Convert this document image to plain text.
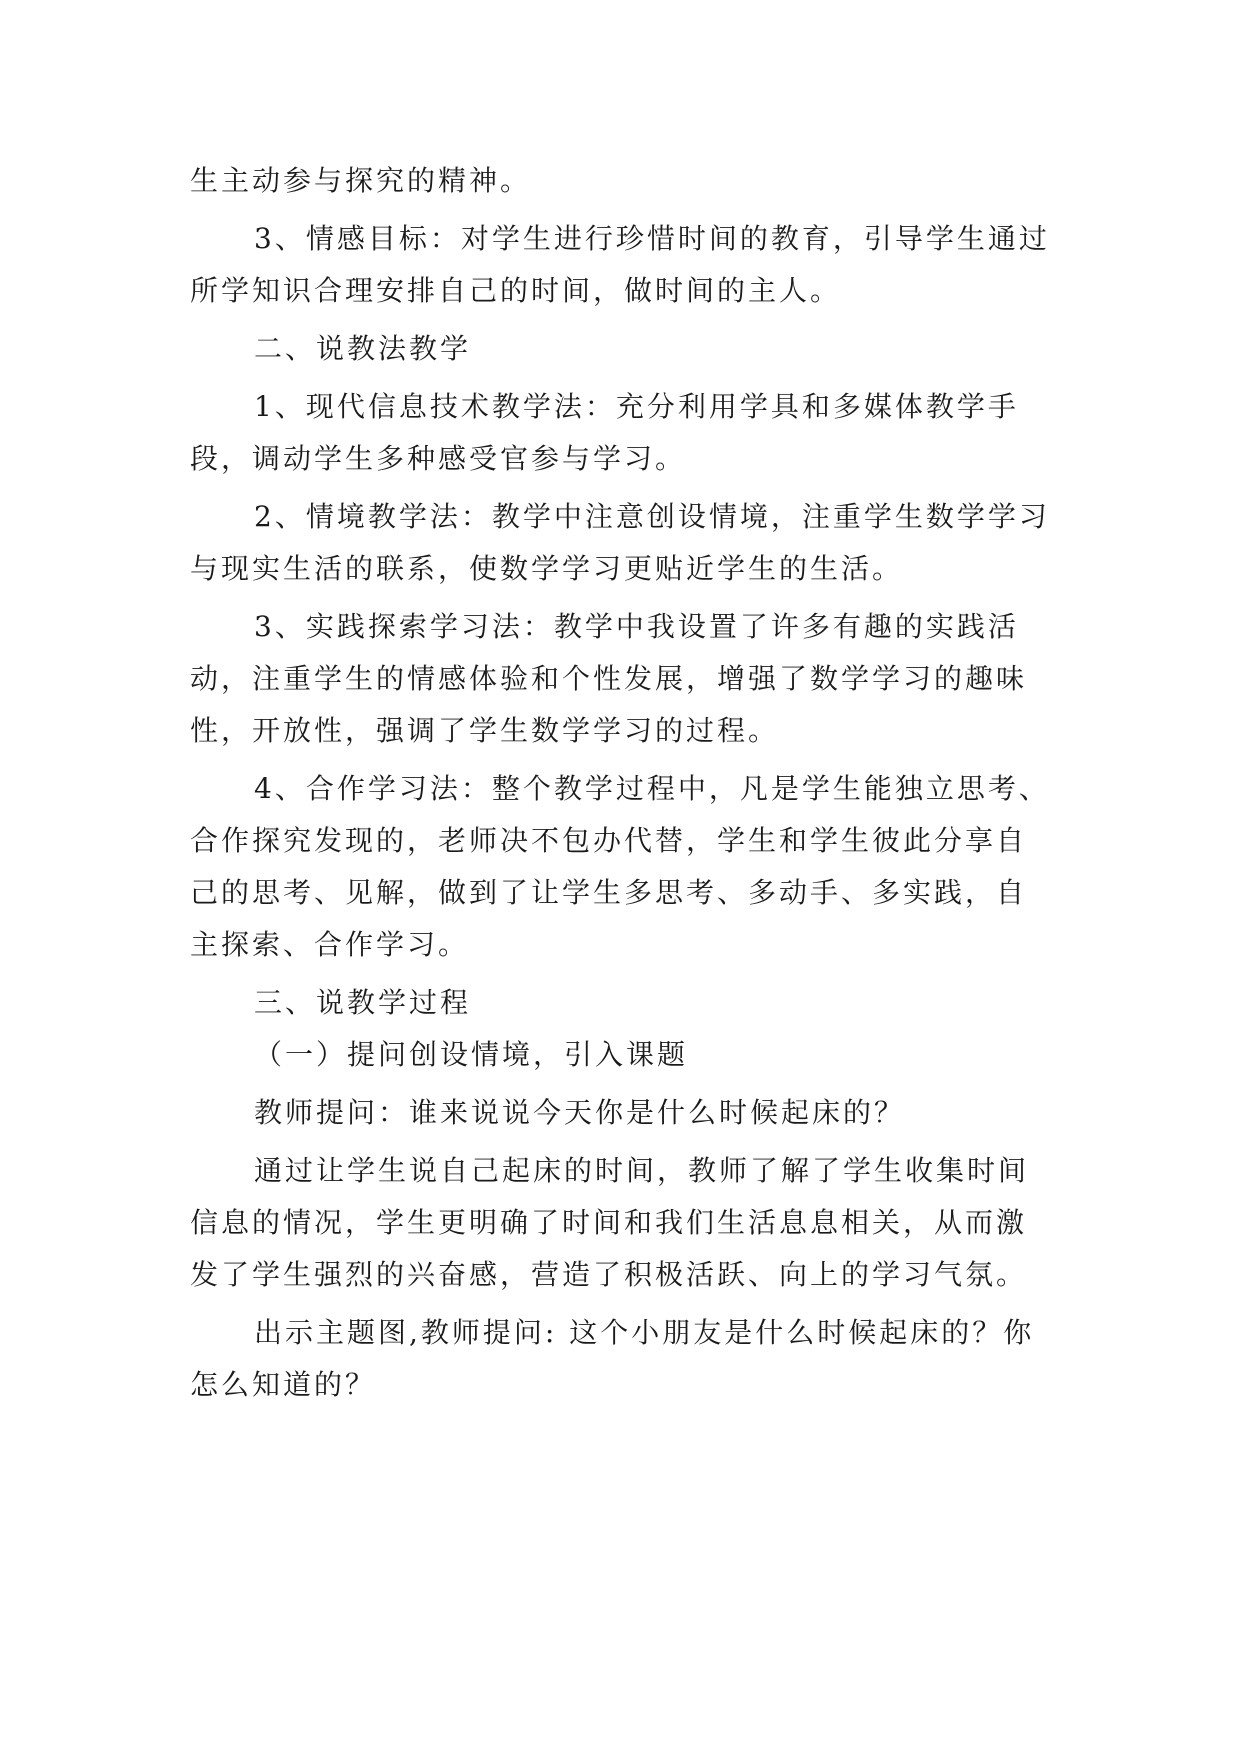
生主动参与探究的精神。

3、情感目标：对学生进行珍惜时间的教育，引导学生通过所学知识合理安排自己的时间，做时间的主人。

二、说教法教学

1、现代信息技术教学法：充分利用学具和多媒体教学手段，调动学生多种感受官参与学习。

2、情境教学法：教学中注意创设情境，注重学生数学学习与现实生活的联系，使数学学习更贴近学生的生活。

3、实践探索学习法：教学中我设置了许多有趣的实践活动，注重学生的情感体验和个性发展，增强了数学学习的趣味性，开放性，强调了学生数学学习的过程。

4、合作学习法：整个教学过程中，凡是学生能独立思考、合作探究发现的，老师决不包办代替，学生和学生彼此分享自己的思考、见解，做到了让学生多思考、多动手、多实践，自主探索、合作学习。

三、说教学过程

（一）提问创设情境，引入课题

教师提问：谁来说说今天你是什么时候起床的？

通过让学生说自己起床的时间，教师了解了学生收集时间信息的情况，学生更明确了时间和我们生活息息相关，从而激发了学生强烈的兴奋感，营造了积极活跃、向上的学习气氛。

出示主题图,教师提问: 这个小朋友是什么时候起床的？你怎么知道的？
